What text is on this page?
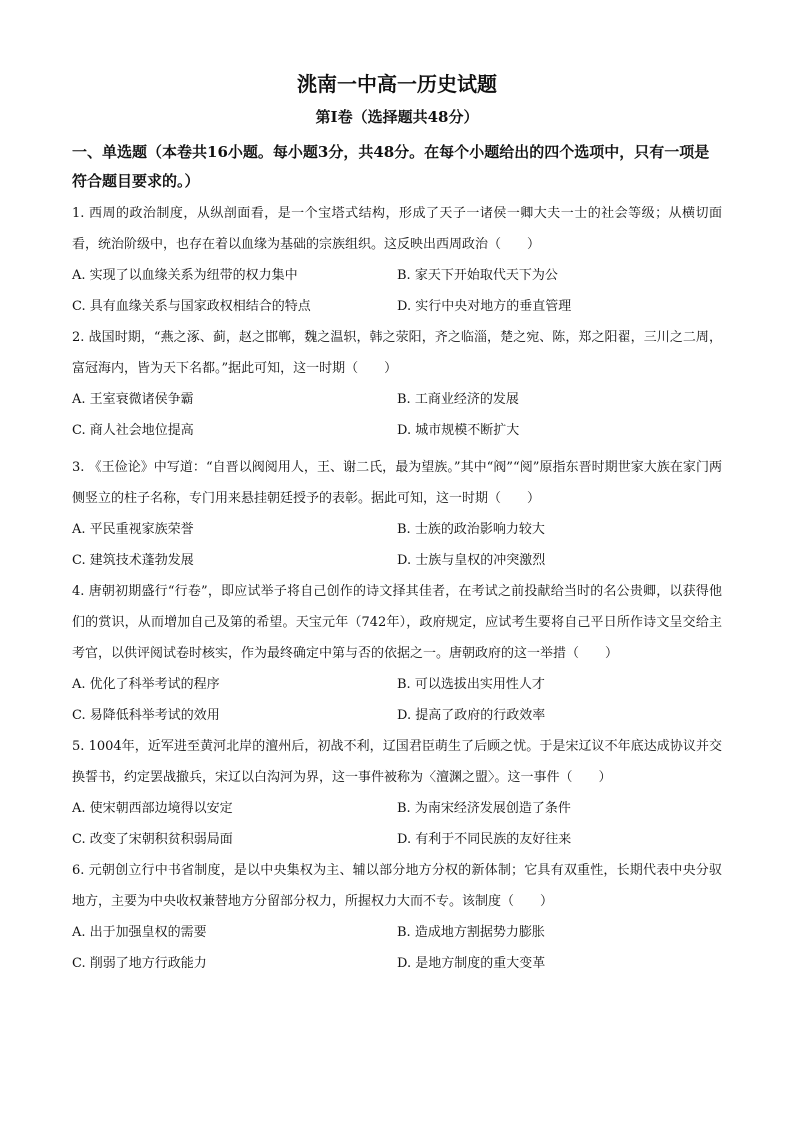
洮南一中高一历史试题
第Ⅰ卷（选择题共48分）
一、单选题（本卷共16小题。每小题3分，共48分。在每个小题给出的四个选项中，只有一项是符合题目要求的。）

1. 西周的政治制度，从纵剖面看，是一个宝塔式结构，形成了天子一诸侯一卿大夫一士的社会等级；从横切面看，统治阶级中，也存在着以血缘为基础的宗族组织。这反映出西周政治（　　）

A. 实现了以血缘关系为纽带的权力集中	B. 家天下开始取代天下为公
C. 具有血缘关系与国家政权相结合的特点	D. 实行中央对地方的垂直管理

2. 战国时期，“燕之涿、蓟，赵之邯郸，魏之温轵，韩之荥阳，齐之临淄，楚之宛、陈，郑之阳翟，三川之二周，富冠海内，皆为天下名都。”据此可知，这一时期（　　）

A. 王室衰微诸侯争霸	B. 工商业经济的发展
C. 商人社会地位提高	D. 城市规模不断扩大

3. 《王俭论》中写道：“自晋以阀阅用人，王、谢二氏，最为望族。”其中“阀”“阅”原指东晋时期世家大族在家门两侧竖立的柱子名称，专门用来悬挂朝廷授予的表彰。据此可知，这一时期（　　）

A. 平民重视家族荣誉	B. 士族的政治影响力较大
C. 建筑技术蓬勃发展	D. 士族与皇权的冲突激烈

4. 唐朝初期盛行“行卷”，即应试举子将自己创作的诗文择其佳者，在考试之前投献给当时的名公贵卿，以获得他们的赏识，从而增加自己及第的希望。天宝元年（742年），政府规定，应试考生要将自己平日所作诗文呈交给主考官，以供评阅试卷时核实，作为最终确定中第与否的依据之一。唐朝政府的这一举措（　　）

A. 优化了科举考试的程序	B. 可以选拔出实用性人才
C. 易降低科举考试的效用	D. 提高了政府的行政效率

5. 1004年，近军进至黄河北岸的澶州后，初战不利，辽国君臣萌生了后顾之忧。于是宋辽议不年底达成协议并交换誓书，约定罢战撤兵，宋辽以白沟河为界，这一事件被称为〈澶渊之盟〉。这一事件（　　）

A. 使宋朝西部边境得以安定	B. 为南宋经济发展创造了条件
C. 改变了宋朝积贫积弱局面	D. 有利于不同民族的友好往来

6. 元朝创立行中书省制度，是以中央集权为主、辅以部分地方分权的新体制；它具有双重性，长期代表中央分驭地方，主要为中央收权兼替地方分留部分权力，所握权力大而不专。该制度（　　）

A. 出于加强皇权的需要	B. 造成地方割据势力膨胀
C. 削弱了地方行政能力	D. 是地方制度的重大变革
